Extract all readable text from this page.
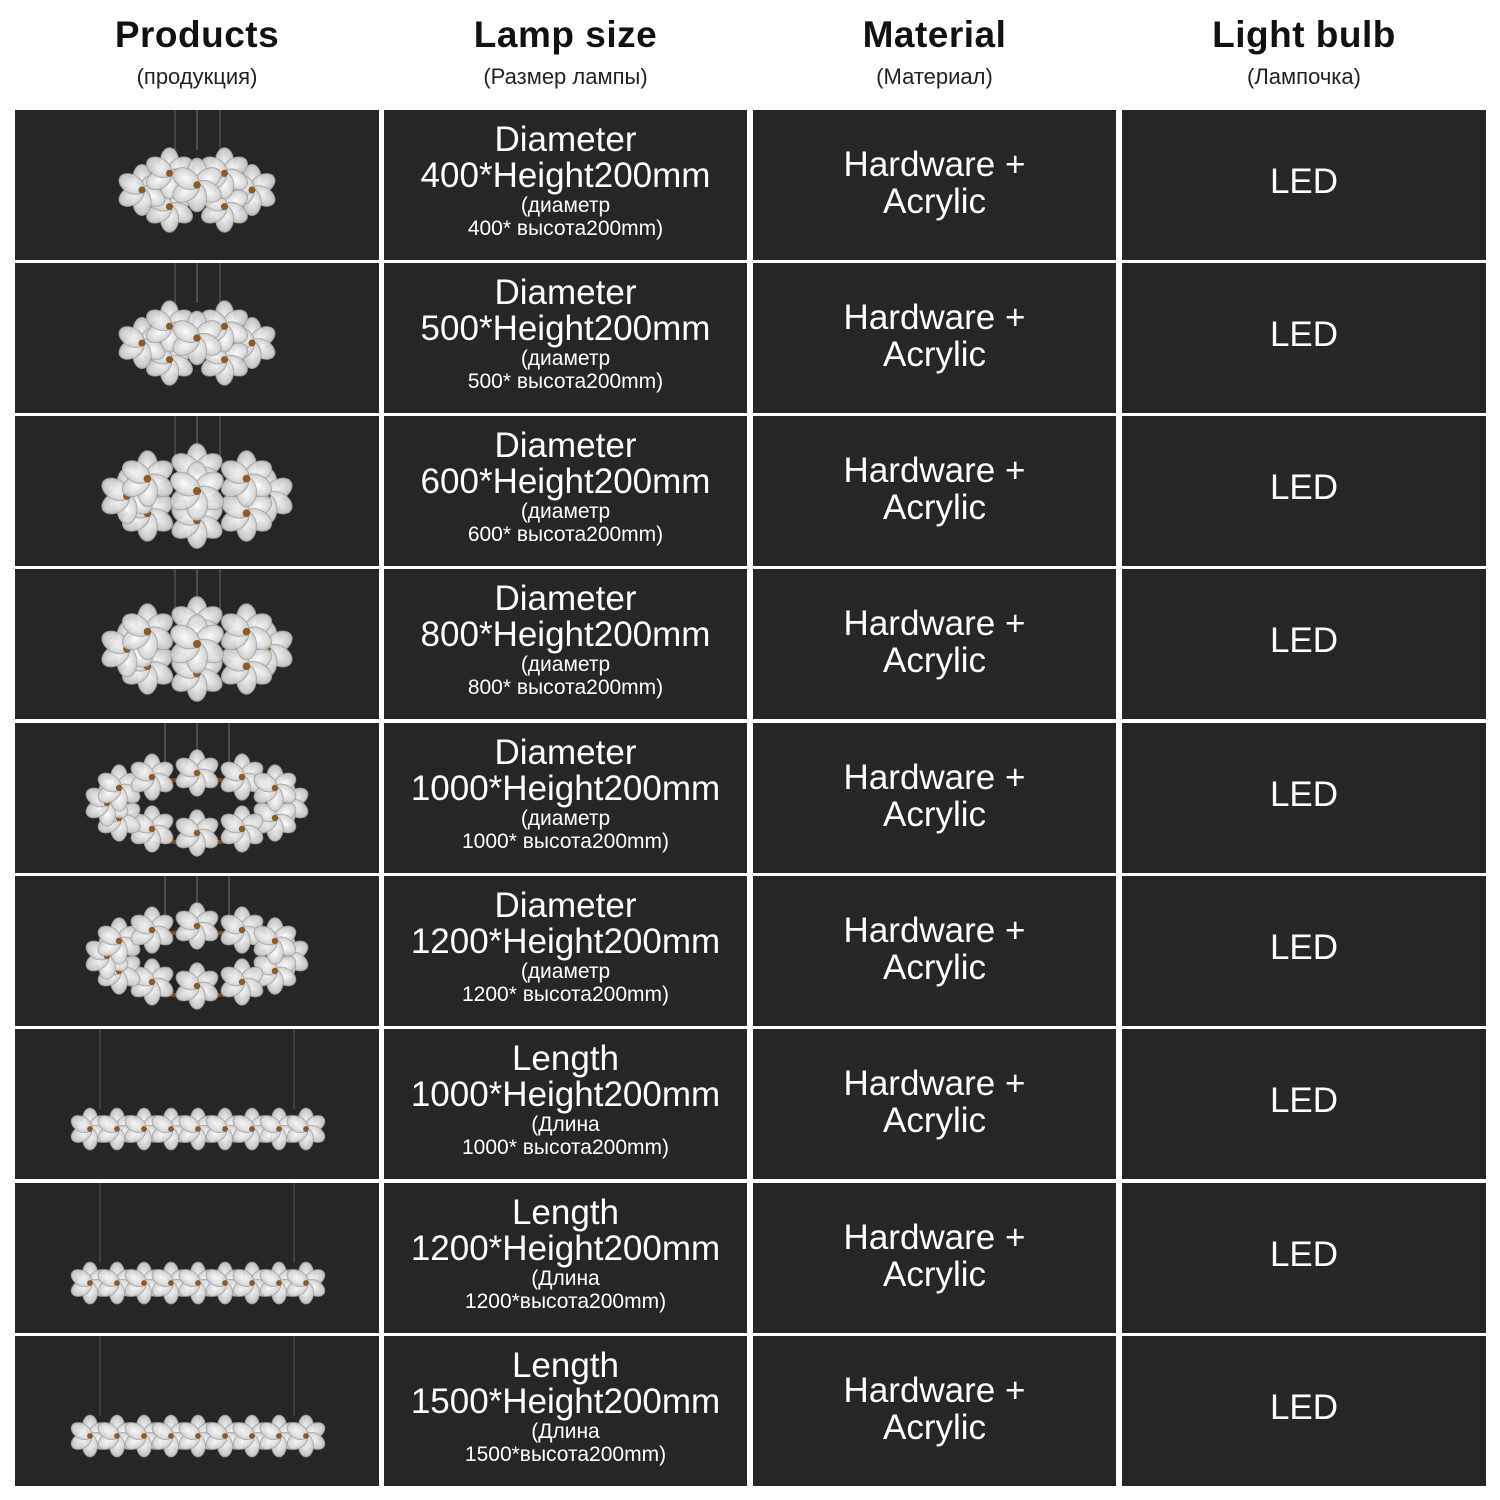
Products
(продукция)
Lamp size
(Размер лампы)
Material
(Материал)
Light bulb
(Лампочка)
Diameter
400*Height200mm
(диаметр
400* высота200mm)
Hardware +
Acrylic
LED
Diameter
500*Height200mm
(диаметр
500* высота200mm)
Hardware +
Acrylic
LED
Diameter
600*Height200mm
(диаметр
600* высота200mm)
Hardware +
Acrylic
LED
Diameter
800*Height200mm
(диаметр
800* высота200mm)
Hardware +
Acrylic
LED
Diameter
1000*Height200mm
(диаметр
1000* высота200mm)
Hardware +
Acrylic
LED
Diameter
1200*Height200mm
(диаметр
1200* высота200mm)
Hardware +
Acrylic
LED
Length
1000*Height200mm
(Длина
1000* высота200mm)
Hardware +
Acrylic
LED
Length
1200*Height200mm
(Длина
1200*высота200mm)
Hardware +
Acrylic
LED
Length
1500*Height200mm
(Длина
1500*высота200mm)
Hardware +
Acrylic
LED
